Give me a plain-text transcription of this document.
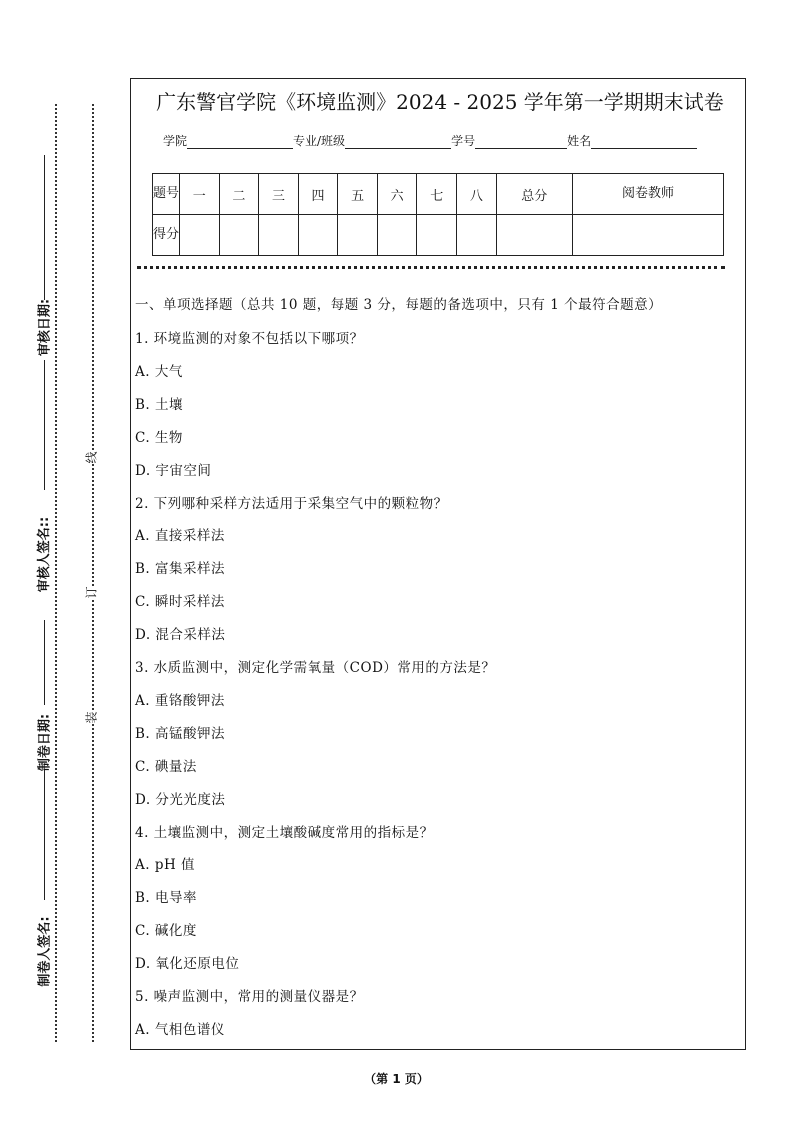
审核日期:
审核人签名::
制卷日期:
制卷人签名:
线
订
装
广东警官学院《环境监测》2024 - 2025 学年第一学期期末试卷
学院	专业/班级	学号	姓名
题号	一	二	三	四	五	六	七	八	总分	阅卷教师
得分										
一、单项选择题（总共 10 题，每题 3 分，每题的备选项中，只有 1 个最符合题意）
1. 环境监测的对象不包括以下哪项？
A. 大气
B. 土壤
C. 生物
D. 宇宙空间
2. 下列哪种采样方法适用于采集空气中的颗粒物？
A. 直接采样法
B. 富集采样法
C. 瞬时采样法
D. 混合采样法
3. 水质监测中，测定化学需氧量（COD）常用的方法是？
A. 重铬酸钾法
B. 高锰酸钾法
C. 碘量法
D. 分光光度法
4. 土壤监测中，测定土壤酸碱度常用的指标是？
A. pH 值
B. 电导率
C. 碱化度
D. 氧化还原电位
5. 噪声监测中，常用的测量仪器是？
A. 气相色谱仪
（第 1 页）
